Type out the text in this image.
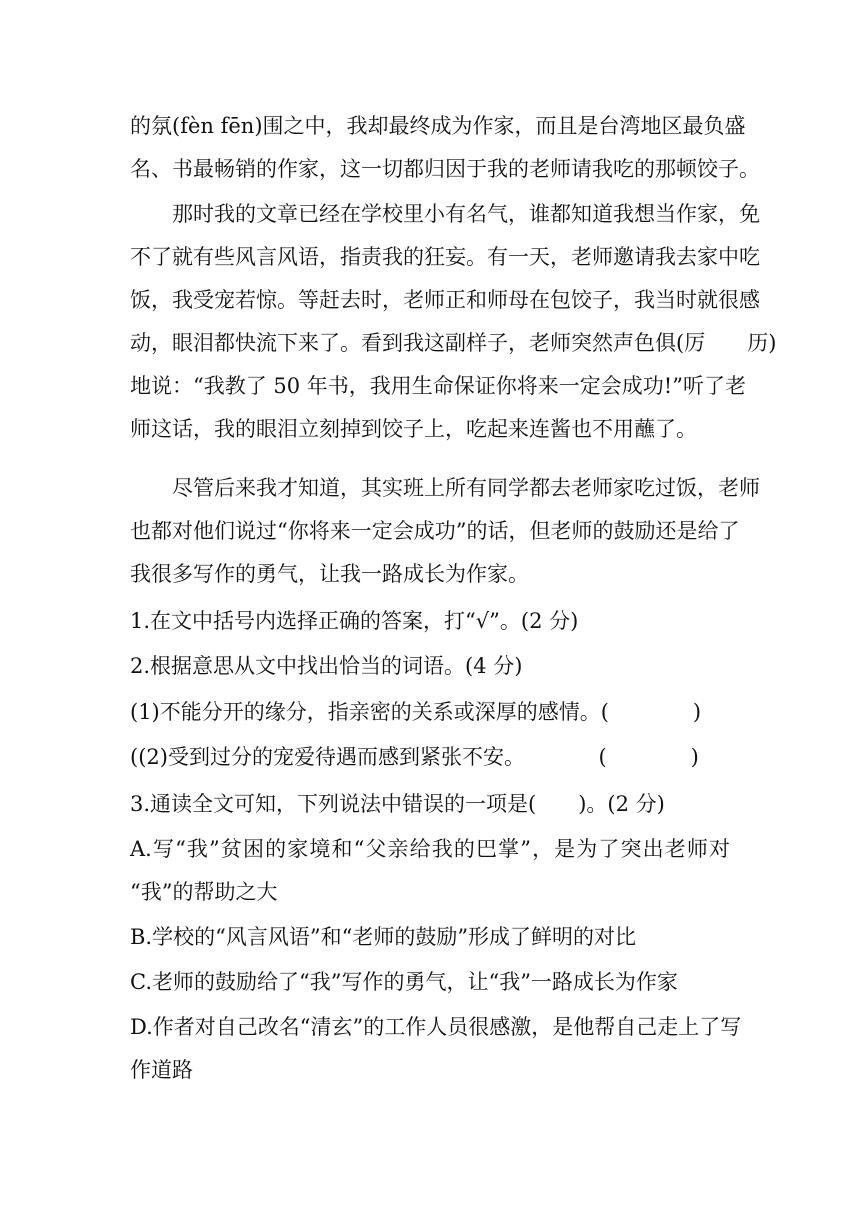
的氛(fèn fēn)围之中，我却最终成为作家，而且是台湾地区最负盛
名、书最畅销的作家，这一切都归因于我的老师请我吃的那顿饺子。
那时我的文章已经在学校里小有名气，谁都知道我想当作家，免
不了就有些风言风语，指责我的狂妄。有一天，老师邀请我去家中吃
饭，我受宠若惊。等赶去时，老师正和师母在包饺子，我当时就很感
动，眼泪都快流下来了。看到我这副样子，老师突然声色俱(厉　　历)
地说：“我教了 50 年书，我用生命保证你将来一定会成功!”听了老
师这话，我的眼泪立刻掉到饺子上，吃起来连酱也不用蘸了。
尽管后来我才知道，其实班上所有同学都去老师家吃过饭，老师
也都对他们说过“你将来一定会成功”的话，但老师的鼓励还是给了
我很多写作的勇气，让我一路成长为作家。
1.在文中括号内选择正确的答案，打“√”。(2 分)
2.根据意思从文中找出恰当的词语。(4 分)
(1)不能分开的缘分，指亲密的关系或深厚的感情。(　　　　)
((2)受到过分的宠爱待遇而感到紧张不安。　　　　(　　　　)
3.通读全文可知，下列说法中错误的一项是(　　)。(2 分)
A.写“我”贫困的家境和“父亲给我的巴掌”，是为了突出老师对
“我”的帮助之大
B.学校的“风言风语”和“老师的鼓励”形成了鲜明的对比
C.老师的鼓励给了“我”写作的勇气，让“我”一路成长为作家
D.作者对自己改名“清玄”的工作人员很感激，是他帮自己走上了写
作道路
